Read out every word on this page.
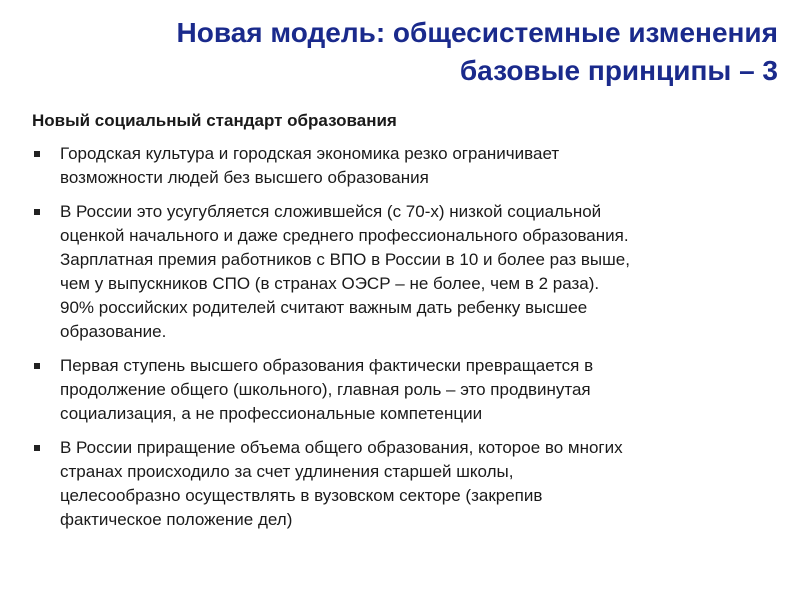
Новая модель: общесистемные изменения
базовые принципы – 3
Новый социальный стандарт образования
Городская культура и городская экономика резко ограничивает
возможности людей без высшего образования
В России это усугубляется сложившейся (с 70-х) низкой социальной
оценкой начального и даже среднего профессионального образования.
Зарплатная премия работников с ВПО в России в 10 и более раз выше,
чем у выпускников СПО (в странах ОЭСР – не более, чем в 2 раза).
90% российских родителей считают важным дать ребенку высшее
образование.
Первая ступень высшего образования фактически превращается в
продолжение общего (школьного), главная роль – это продвинутая
социализация, а не профессиональные компетенции
В России приращение объема общего образования, которое во многих
странах происходило за счет удлинения старшей школы,
целесообразно осуществлять в вузовском секторе (закрепив
фактическое положение дел)
